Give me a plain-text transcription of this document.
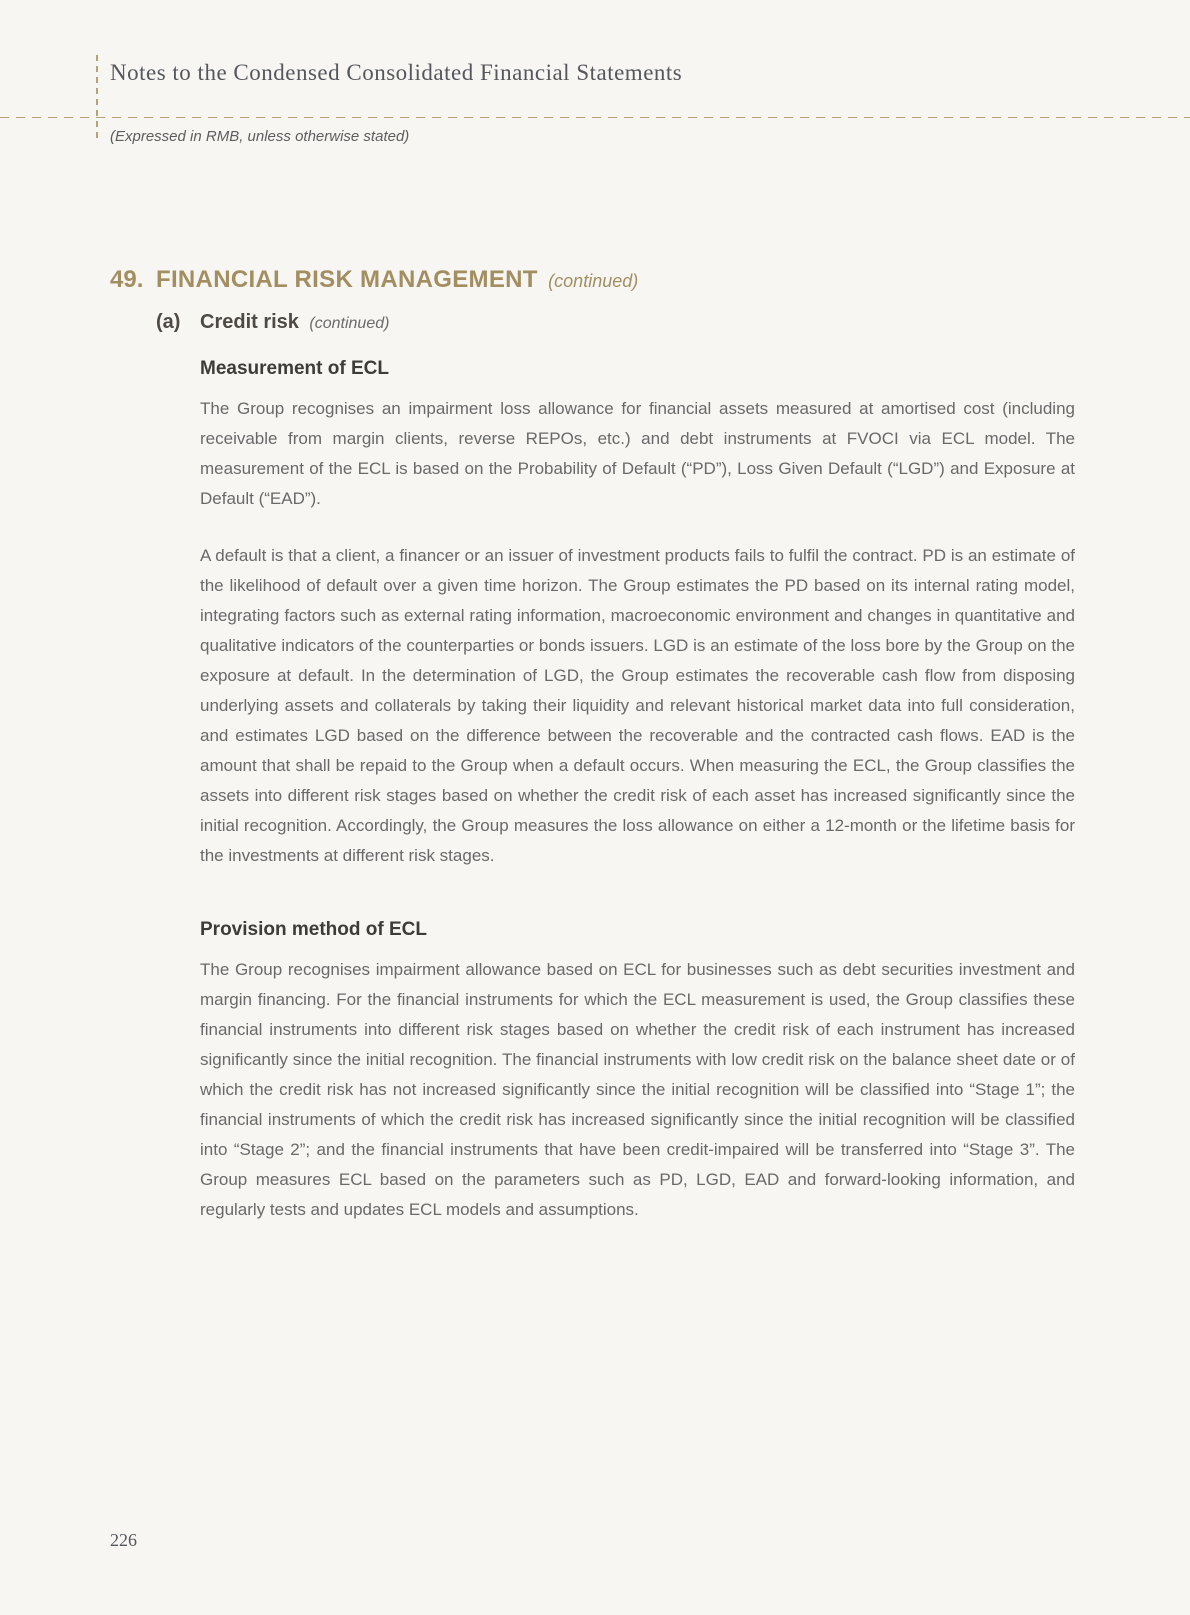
Notes to the Condensed Consolidated Financial Statements
(Expressed in RMB, unless otherwise stated)
49. FINANCIAL RISK MANAGEMENT (continued)
(a) Credit risk (continued)
Measurement of ECL

The Group recognises an impairment loss allowance for financial assets measured at amortised cost (including receivable from margin clients, reverse REPOs, etc.) and debt instruments at FVOCI via ECL model. The measurement of the ECL is based on the Probability of Default (“PD”), Loss Given Default (“LGD”) and Exposure at Default (“EAD”).

A default is that a client, a financer or an issuer of investment products fails to fulfil the contract. PD is an estimate of the likelihood of default over a given time horizon. The Group estimates the PD based on its internal rating model, integrating factors such as external rating information, macroeconomic environment and changes in quantitative and qualitative indicators of the counterparties or bonds issuers. LGD is an estimate of the loss bore by the Group on the exposure at default. In the determination of LGD, the Group estimates the recoverable cash flow from disposing underlying assets and collaterals by taking their liquidity and relevant historical market data into full consideration, and estimates LGD based on the difference between the recoverable and the contracted cash flows. EAD is the amount that shall be repaid to the Group when a default occurs. When measuring the ECL, the Group classifies the assets into different risk stages based on whether the credit risk of each asset has increased significantly since the initial recognition. Accordingly, the Group measures the loss allowance on either a 12-month or the lifetime basis for the investments at different risk stages.

Provision method of ECL

The Group recognises impairment allowance based on ECL for businesses such as debt securities investment and margin financing. For the financial instruments for which the ECL measurement is used, the Group classifies these financial instruments into different risk stages based on whether the credit risk of each instrument has increased significantly since the initial recognition. The financial instruments with low credit risk on the balance sheet date or of which the credit risk has not increased significantly since the initial recognition will be classified into “Stage 1”; the financial instruments of which the credit risk has increased significantly since the initial recognition will be classified into “Stage 2”; and the financial instruments that have been credit-impaired will be transferred into “Stage 3”. The Group measures ECL based on the parameters such as PD, LGD, EAD and forward-looking information, and regularly tests and updates ECL models and assumptions.

226
